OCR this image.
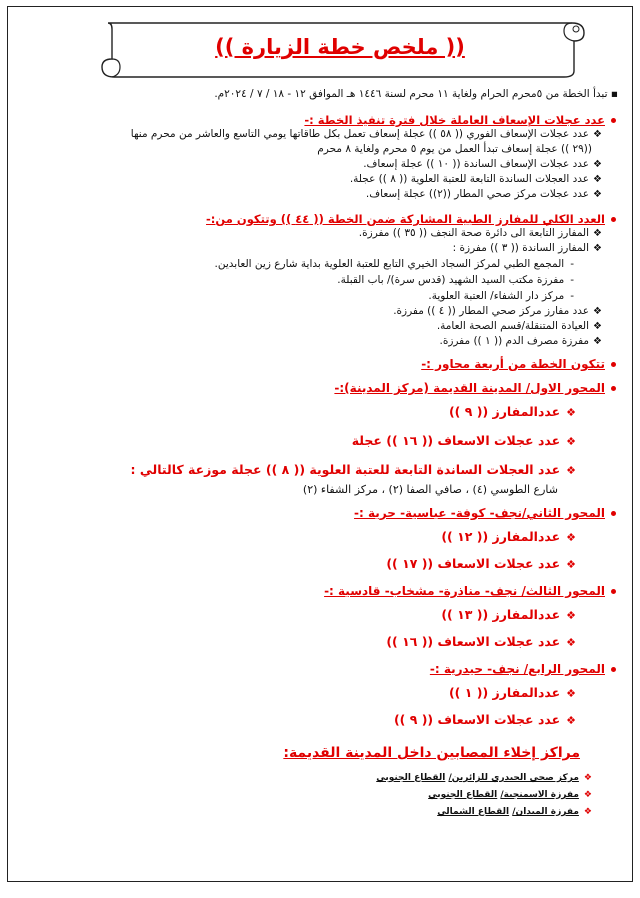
(( ملخص خطة الزيارة ))
▪ تبدأ الخطة من ٥محرم الحرام ولغاية ١١ محرم لسنة ١٤٤٦ هـ الموافق ١٢ - ١٨ / ٧ / ٢٠٢٤م.
عدد عجلات الإسعاف العاملة خلال فترة تنفيذ الخطة :-
❖عدد عجلات الإسعاف الفوري (( ٥٨ )) عجلة إسعاف تعمل بكل طاقاتها يومي التاسع والعاشر من محرم منها
((٢٩ )) عجلة إسعاف تبدأ العمل من يوم ٥ محرم ولغاية ٨ محرم
❖عدد عجلات الإسعاف الساندة (( ١٠ )) عجلة إسعاف.
❖عدد العجلات الساندة التابعة للعتبة العلوية (( ٨ )) عجلة.
❖عدد عجلات مركز صحي المطار ((٢)) عجلة إسعاف.
العدد الكلي للمفارز الطبية المشاركة ضمن الخطة (( ٤٤ )) وتتكون من:-
❖المفارز التابعة الى دائرة صحة النجف (( ٣٥ )) مفرزة.
❖المفارز الساندة (( ٣ )) مفرزة :
-المجمع الطبي لمركز السجاد الخيري التابع للعتبة العلوية بداية شارع زين العابدين.
-مفرزة مكتب السيد الشهيد (قدس سرة)/ باب القبلة.
-مركز دار الشفاء/ العتبة العلوية.
❖عدد مفارز مركز صحي المطار (( ٤ )) مفرزة.
❖العيادة المتنقلة/قسم الصحة العامة.
❖مفرزة مصرف الدم (( ١ )) مفرزة.
تتكون الخطة من أربعة محاور :-
المحور الاول/ المدينة القديمة (مركز المدينة):-
❖عددالمفارز (( ٩ ))
❖عدد عجلات الاسعاف (( ١٦ )) عجلة
❖عدد العجلات الساندة التابعة للعتبة العلوية (( ٨ )) عجلة موزعة كالتالي :
شارع الطوسي (٤) ، صافي الصفا (٢) ، مركز الشفاء (٢)
المحور الثاني/نجف- كوفة- عباسية- حرية :-
❖عددالمفارز (( ١٢ ))
❖عدد عجلات الاسعاف (( ١٧ ))
المحور الثالث/ نجف- مناذرة- مشخاب- قادسية :-
❖عددالمفارز (( ١٣ ))
❖عدد عجلات الاسعاف (( ١٦ ))
المحور الرابع/ نجف- حيدرية :-
❖عددالمفارز (( ١ ))
❖عدد عجلات الاسعاف (( ٩ ))
مراكز إخلاء المصابين داخل المدينة القديمة:
❖مركز صحي الحيدري للزائرين/ القطاع الجنوبي
❖مفرزة الاسمنجية/ القطاع الجنوبي
❖مفرزة الميدان/ القطاع الشمالي
